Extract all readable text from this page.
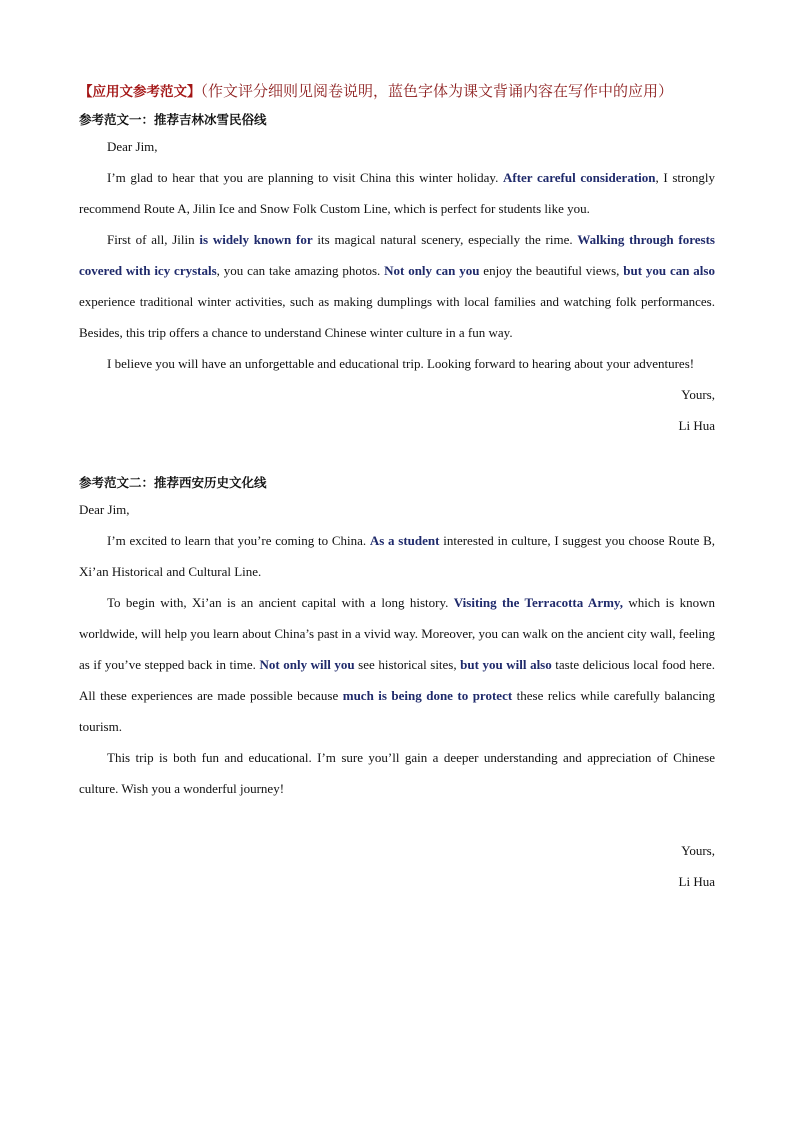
【应用文参考范文】（作文评分细则见阅卷说明，蓝色字体为课文背诵内容在写作中的应用）

参考范文一：推荐吉林冰雪民俗线

Dear Jim,

I’m glad to hear that you are planning to visit China this winter holiday. After careful consideration, I strongly recommend Route A, Jilin Ice and Snow Folk Custom Line, which is perfect for students like you.

First of all, Jilin is widely known for its magical natural scenery, especially the rime. Walking through forests covered with icy crystals, you can take amazing photos. Not only can you enjoy the beautiful views, but you can also experience traditional winter activities, such as making dumplings with local families and watching folk performances. Besides, this trip offers a chance to understand Chinese winter culture in a fun way.

I believe you will have an unforgettable and educational trip. Looking forward to hearing about your adventures!

Yours,

Li Hua

参考范文二：推荐西安历史文化线

Dear Jim,

I’m excited to learn that you’re coming to China. As a student interested in culture, I suggest you choose Route B, Xi’an Historical and Cultural Line.

To begin with, Xi’an is an ancient capital with a long history. Visiting the Terracotta Army, which is known worldwide, will help you learn about China’s past in a vivid way. Moreover, you can walk on the ancient city wall, feeling as if you’ve stepped back in time. Not only will you see historical sites, but you will also taste delicious local food here. All these experiences are made possible because much is being done to protect these relics while carefully balancing tourism.

This trip is both fun and educational. I’m sure you’ll gain a deeper understanding and appreciation of Chinese culture. Wish you a wonderful journey!

Yours,

Li Hua
